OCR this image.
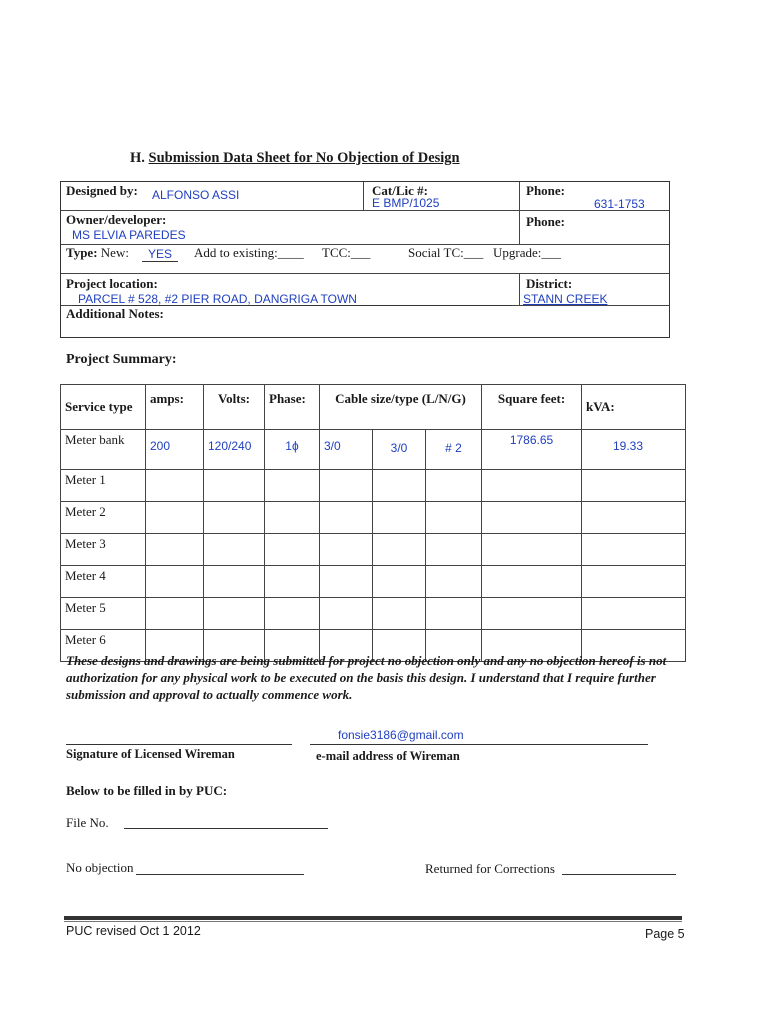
H. Submission Data Sheet for No Objection of Design
Designed by: ALFONSO ASSI	Cat/Lic #:
E BMP/1025
Phone:
631-1753
Owner/developer:
MS ELVIA PAREDES
Phone:
Type: New:	YES	Add to existing:____ TCC:___	Social TC:___ Upgrade:___
Project location:
PARCEL # 528, #2 PIER ROAD, DANGRIGA TOWN
District:
STANN CREEK
Additional Notes:
Project Summary:
Service type	amps:	Volts:	Phase:	Cable size/type (L/N/G)			Square feet:	kVA:
Meter bank	200	120/240	1ϕ	3/0	3/0	# 2	1786.65	19.33
Meter 1								
Meter 2								
Meter 3								
Meter 4								
Meter 5								
Meter 6								
These designs and drawings are being submitted for project no objection only and any no objection hereof is not authorization for any physical work to be executed on the basis this design. I understand that I require further submission and approval to actually commence work.
fonsie3186@gmail.com
Signature of Licensed Wireman	e-mail address of Wireman
Below to be filled in by PUC:
File No.
No objection	Returned for Corrections
PUC revised Oct 1 2012	Page 5
